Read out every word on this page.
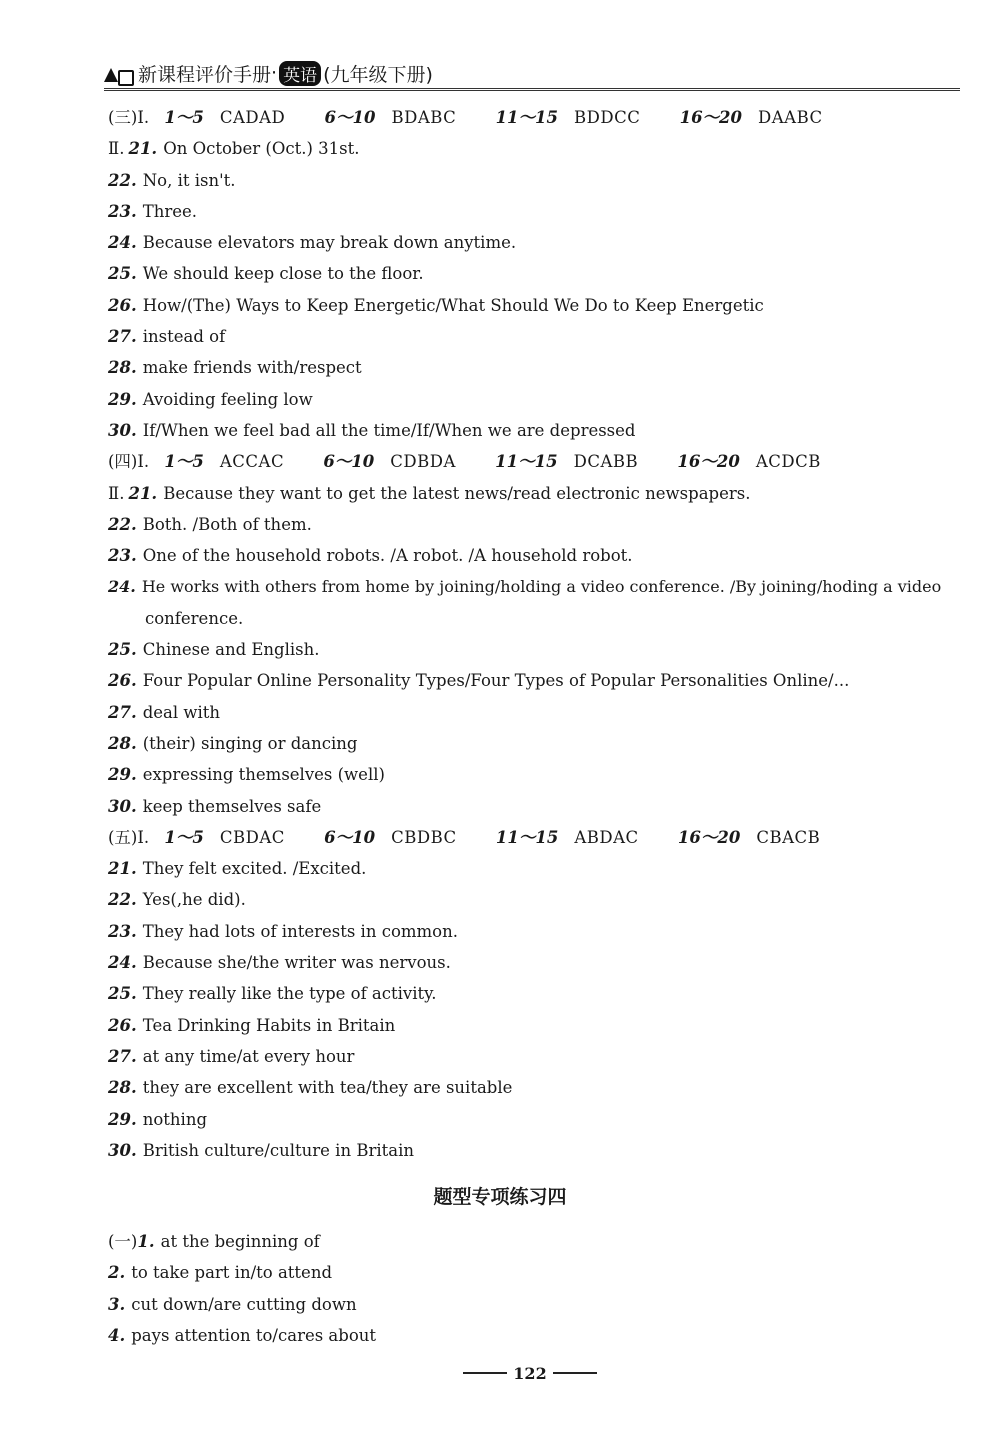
新课程评价手册 · 英语 (九年级下册)
(三)Ⅰ. 1～5 CADAD 6～10 BDABC 11～15 BDDCC 16～20 DAABC
Ⅱ. 21. On October (Oct.) 31st.
22. No, it isn't.
23. Three.
24. Because elevators may break down anytime.
25. We should keep close to the floor.
26. How/(The) Ways to Keep Energetic/What Should We Do to Keep Energetic
27. instead of
28. make friends with/respect
29. Avoiding feeling low
30. If/When we feel bad all the time/If/When we are depressed
(四)Ⅰ. 1～5 ACCAC 6～10 CDBDA 11～15 DCABB 16～20 ACDCB
Ⅱ. 21. Because they want to get the latest news/read electronic newspapers.
22. Both. /Both of them.
23. One of the household robots. /A robot. /A household robot.
24. He works with others from home by joining/holding a video conference. /By joining/hoding a video
conference.
25. Chinese and English.
26. Four Popular Online Personality Types/Four Types of Popular Personalities Online/...
27. deal with
28. (their) singing or dancing
29. expressing themselves (well)
30. keep themselves safe
(五)Ⅰ. 1～5 CBDAC 6～10 CBDBC 11～15 ABDAC 16～20 CBACB
21. They felt excited. /Excited.
22. Yes(,he did).
23. They had lots of interests in common.
24. Because she/the writer was nervous.
25. They really like the type of activity.
26. Tea Drinking Habits in Britain
27. at any time/at every hour
28. they are excellent with tea/they are suitable
29. nothing
30. British culture/culture in Britain
题型专项练习四
(一)1. at the beginning of
2. to take part in/to attend
3. cut down/are cutting down
4. pays attention to/cares about
122
